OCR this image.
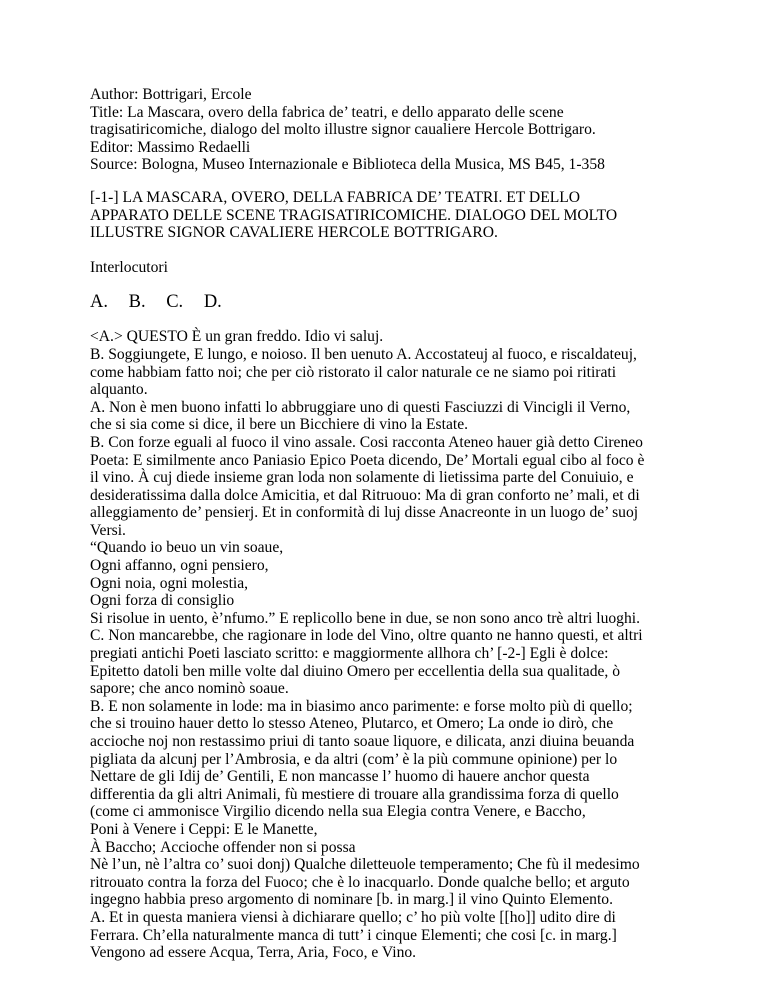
Author: Bottrigari, Ercole
Title: La Mascara, overo della fabrica de’ teatri, e dello apparato delle scene
tragisatiricomiche, dialogo del molto illustre signor caualiere Hercole Bottrigaro.
Editor: Massimo Redaelli
Source: Bologna, Museo Internazionale e Biblioteca della Musica, MS B45, 1-358
[-1-] LA MASCARA, OVERO, DELLA FABRICA DE’ TEATRI. ET DELLO
APPARATO DELLE SCENE TRAGISATIRICOMICHE. DIALOGO DEL MOLTO
ILLUSTRE SIGNOR CAVALIERE HERCOLE BOTTRIGARO.
Interlocutori
A. B. C. D.
<A.> QUESTO È un gran freddo. Idio vi saluj.
B. Soggiungete, E lungo, e noioso. Il ben uenuto A. Accostateuj al fuoco, e riscaldateuj,
come habbiam fatto noi; che per ciò ristorato il calor naturale ce ne siamo poi ritirati
alquanto.
A. Non è men buono infatti lo abbruggiare uno di questi Fasciuzzi di Vincigli il Verno,
che si sia come si dice, il bere un Bicchiere di vino la Estate.
B. Con forze eguali al fuoco il vino assale. Cosi racconta Ateneo hauer già detto Cireneo
Poeta: E similmente anco Paniasio Epico Poeta dicendo, De’ Mortali egual cibo al foco è
il vino. À cuj diede insieme gran loda non solamente di lietissima parte del Conuiuio, e
desideratissima dalla dolce Amicitia, et dal Ritruouo: Ma di gran conforto ne’ mali, et di
alleggiamento de’ pensierj. Et in conformità di luj disse Anacreonte in un luogo de’ suoj
Versi.
“Quando io beuo un vin soaue,
Ogni affanno, ogni pensiero,
Ogni noia, ogni molestia,
Ogni forza di consiglio
Si risolue in uento, è’nfumo.” E replicollo bene in due, se non sono anco trè altri luoghi.
C. Non mancarebbe, che ragionare in lode del Vino, oltre quanto ne hanno questi, et altri
pregiati antichi Poeti lasciato scritto: e maggiormente allhora ch’ [-2-] Egli è dolce:
Epitetto datoli ben mille volte dal diuino Omero per eccellentia della sua qualitade, ò
sapore; che anco nominò soaue.
B. E non solamente in lode: ma in biasimo anco parimente: e forse molto più di quello;
che si trouino hauer detto lo stesso Ateneo, Plutarco, et Omero; La onde io dirò, che
accioche noj non restassimo priui di tanto soaue liquore, e dilicata, anzi diuina beuanda
pigliata da alcunj per l’Ambrosia, e da altri (com’ è la più commune opinione) per lo
Nettare de gli Idij de’ Gentili, E non mancasse l’ huomo di hauere anchor questa
differentia da gli altri Animali, fù mestiere di trouare alla grandissima forza di quello
(come ci ammonisce Virgilio dicendo nella sua Elegia contra Venere, e Baccho,
Poni à Venere i Ceppi: E le Manette,
À Bacchо; Accioche offender non si possa
Nè l’un, nè l’altra co’ suoi donj) Qualche diletteuole temperamento; Che fù il medesimo
ritrouato contra la forza del Fuoco; che è lo inacquarlo. Donde qualche bello; et arguto
ingegno habbia preso argomento di nominare [b. in marg.] il vino Quinto Elemento.
A. Et in questa maniera viensi à dichiarare quello; c’ ho più volte [[ho]] udito dire di
Ferrara. Ch’ella naturalmente manca di tutt’ i cinque Elementi; che cosi [c. in marg.]
Vengono ad essere Acqua, Terra, Aria, Foco, e Vino.
